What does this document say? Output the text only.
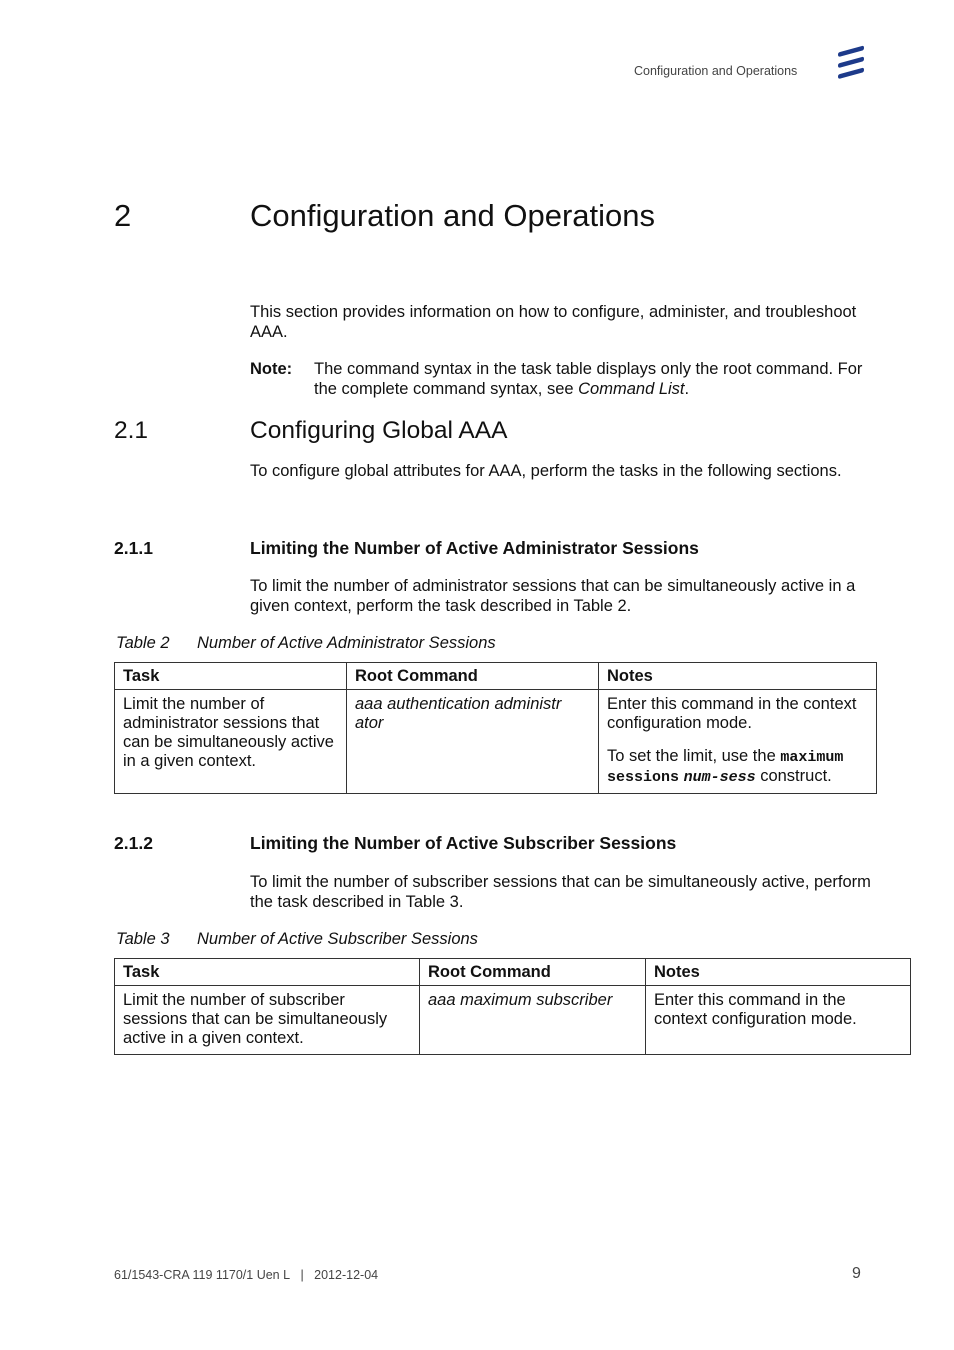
Configuration and Operations
2	Configuration and Operations
This section provides information on how to configure, administer, and troubleshoot AAA.
Note: The command syntax in the task table displays only the root command. For the complete command syntax, see Command List.
2.1	Configuring Global AAA
To configure global attributes for AAA, perform the tasks in the following sections.
2.1.1	Limiting the Number of Active Administrator Sessions
To limit the number of administrator sessions that can be simultaneously active in a given context, perform the task described in Table 2.
Table 2 Number of Active Administrator Sessions
Task	Root Command	Notes
Limit the number of administrator sessions that can be simultaneously active in a given context.	aaa authentication administr ator	Enter this command in the context configuration mode.
To set the limit, use the maximum sessions num-sess construct.
2.1.2	Limiting the Number of Active Subscriber Sessions
To limit the number of subscriber sessions that can be simultaneously active, perform the task described in Table 3.
Table 3 Number of Active Subscriber Sessions
Task	Root Command	Notes
Limit the number of subscriber sessions that can be simultaneously active in a given context.	aaa maximum subscriber	Enter this command in the context configuration mode.
61/1543-CRA 119 1170/1 Uen L | 2012-12-04	9
